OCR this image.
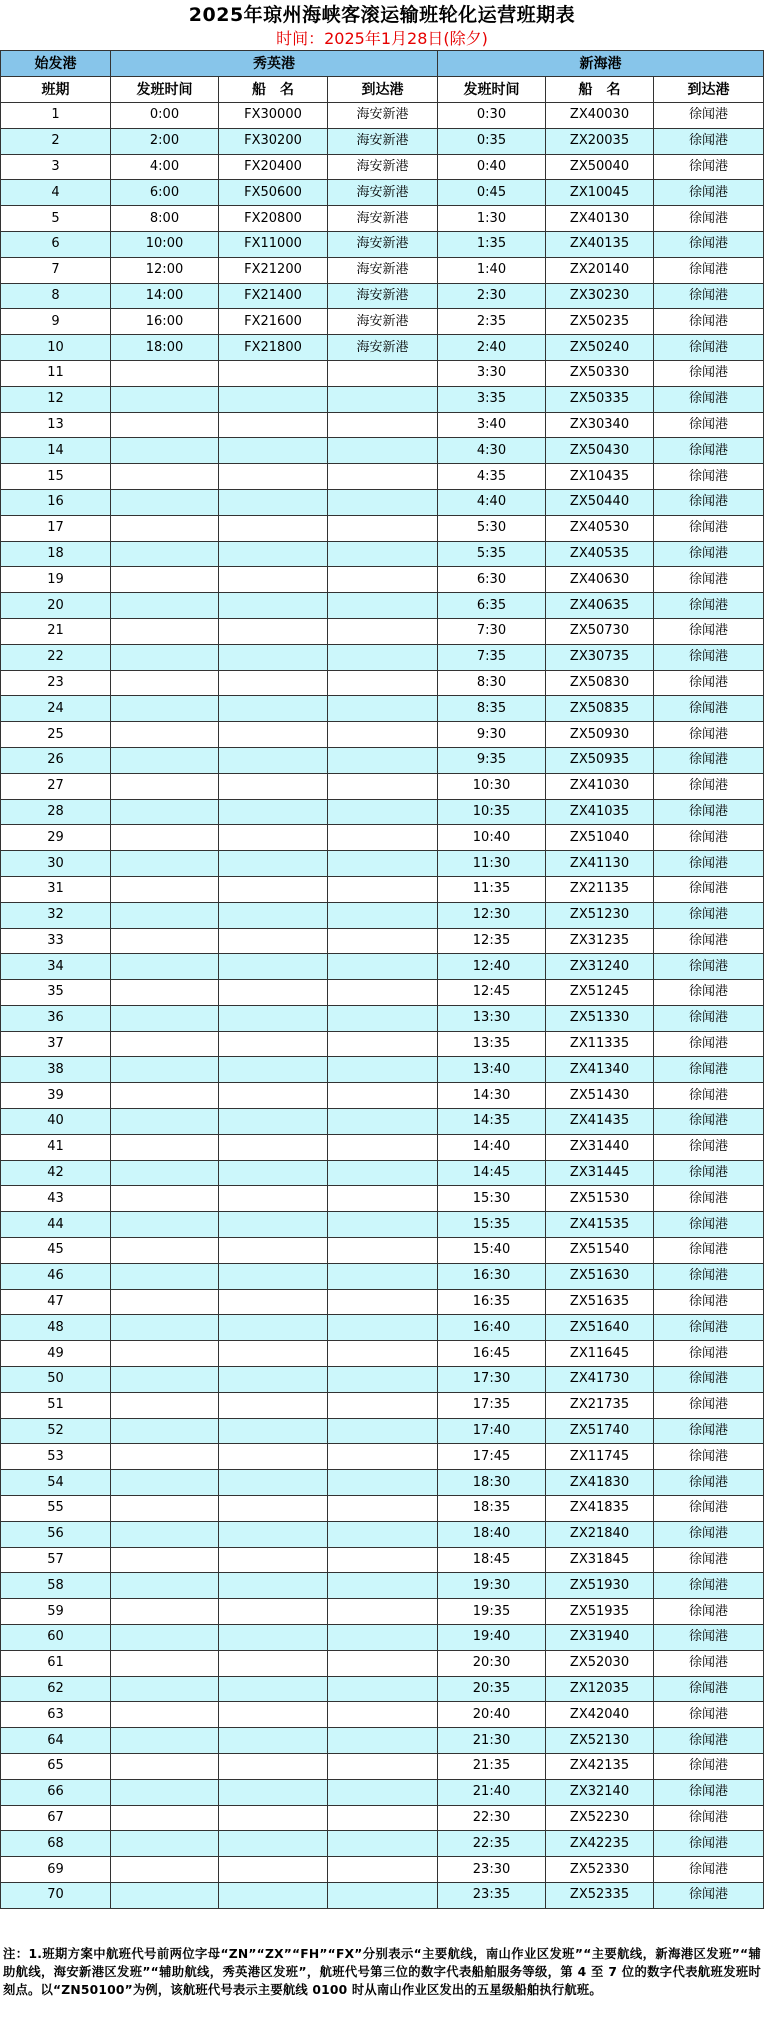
2025年琼州海峡客滚运输班轮化运营班期表
时间：2025年1月28日(除夕)
始发港	秀英港			新海港		
班期	发班时间	船　名	到达港	发班时间	船　名	到达港
1	0:00	FX30000	海安新港	0:30	ZX40030	徐闻港
2	2:00	FX30200	海安新港	0:35	ZX20035	徐闻港
3	4:00	FX20400	海安新港	0:40	ZX50040	徐闻港
4	6:00	FX50600	海安新港	0:45	ZX10045	徐闻港
5	8:00	FX20800	海安新港	1:30	ZX40130	徐闻港
6	10:00	FX11000	海安新港	1:35	ZX40135	徐闻港
7	12:00	FX21200	海安新港	1:40	ZX20140	徐闻港
8	14:00	FX21400	海安新港	2:30	ZX30230	徐闻港
9	16:00	FX21600	海安新港	2:35	ZX50235	徐闻港
10	18:00	FX21800	海安新港	2:40	ZX50240	徐闻港
11				3:30	ZX50330	徐闻港
12				3:35	ZX50335	徐闻港
13				3:40	ZX30340	徐闻港
14				4:30	ZX50430	徐闻港
15				4:35	ZX10435	徐闻港
16				4:40	ZX50440	徐闻港
17				5:30	ZX40530	徐闻港
18				5:35	ZX40535	徐闻港
19				6:30	ZX40630	徐闻港
20				6:35	ZX40635	徐闻港
21				7:30	ZX50730	徐闻港
22				7:35	ZX30735	徐闻港
23				8:30	ZX50830	徐闻港
24				8:35	ZX50835	徐闻港
25				9:30	ZX50930	徐闻港
26				9:35	ZX50935	徐闻港
27				10:30	ZX41030	徐闻港
28				10:35	ZX41035	徐闻港
29				10:40	ZX51040	徐闻港
30				11:30	ZX41130	徐闻港
31				11:35	ZX21135	徐闻港
32				12:30	ZX51230	徐闻港
33				12:35	ZX31235	徐闻港
34				12:40	ZX31240	徐闻港
35				12:45	ZX51245	徐闻港
36				13:30	ZX51330	徐闻港
37				13:35	ZX11335	徐闻港
38				13:40	ZX41340	徐闻港
39				14:30	ZX51430	徐闻港
40				14:35	ZX41435	徐闻港
41				14:40	ZX31440	徐闻港
42				14:45	ZX31445	徐闻港
43				15:30	ZX51530	徐闻港
44				15:35	ZX41535	徐闻港
45				15:40	ZX51540	徐闻港
46				16:30	ZX51630	徐闻港
47				16:35	ZX51635	徐闻港
48				16:40	ZX51640	徐闻港
49				16:45	ZX11645	徐闻港
50				17:30	ZX41730	徐闻港
51				17:35	ZX21735	徐闻港
52				17:40	ZX51740	徐闻港
53				17:45	ZX11745	徐闻港
54				18:30	ZX41830	徐闻港
55				18:35	ZX41835	徐闻港
56				18:40	ZX21840	徐闻港
57				18:45	ZX31845	徐闻港
58				19:30	ZX51930	徐闻港
59				19:35	ZX51935	徐闻港
60				19:40	ZX31940	徐闻港
61				20:30	ZX52030	徐闻港
62				20:35	ZX12035	徐闻港
63				20:40	ZX42040	徐闻港
64				21:30	ZX52130	徐闻港
65				21:35	ZX42135	徐闻港
66				21:40	ZX32140	徐闻港
67				22:30	ZX52230	徐闻港
68				22:35	ZX42235	徐闻港
69				23:30	ZX52330	徐闻港
70				23:35	ZX52335	徐闻港
注：1.班期方案中航班代号前两位字母“ZN”“ZX”“FH”“FX”分别表示“主要航线，南山作业区发班”“主要航线，新海港区发班”“辅助航线，海安新港区发班”“辅助航线，秀英港区发班”，航班代号第三位的数字代表船舶服务等级，第 4 至 7 位的数字代表航班发班时刻点。以“ZN50100”为例，该航班代号表示主要航线 0100 时从南山作业区发出的五星级船舶执行航班。
